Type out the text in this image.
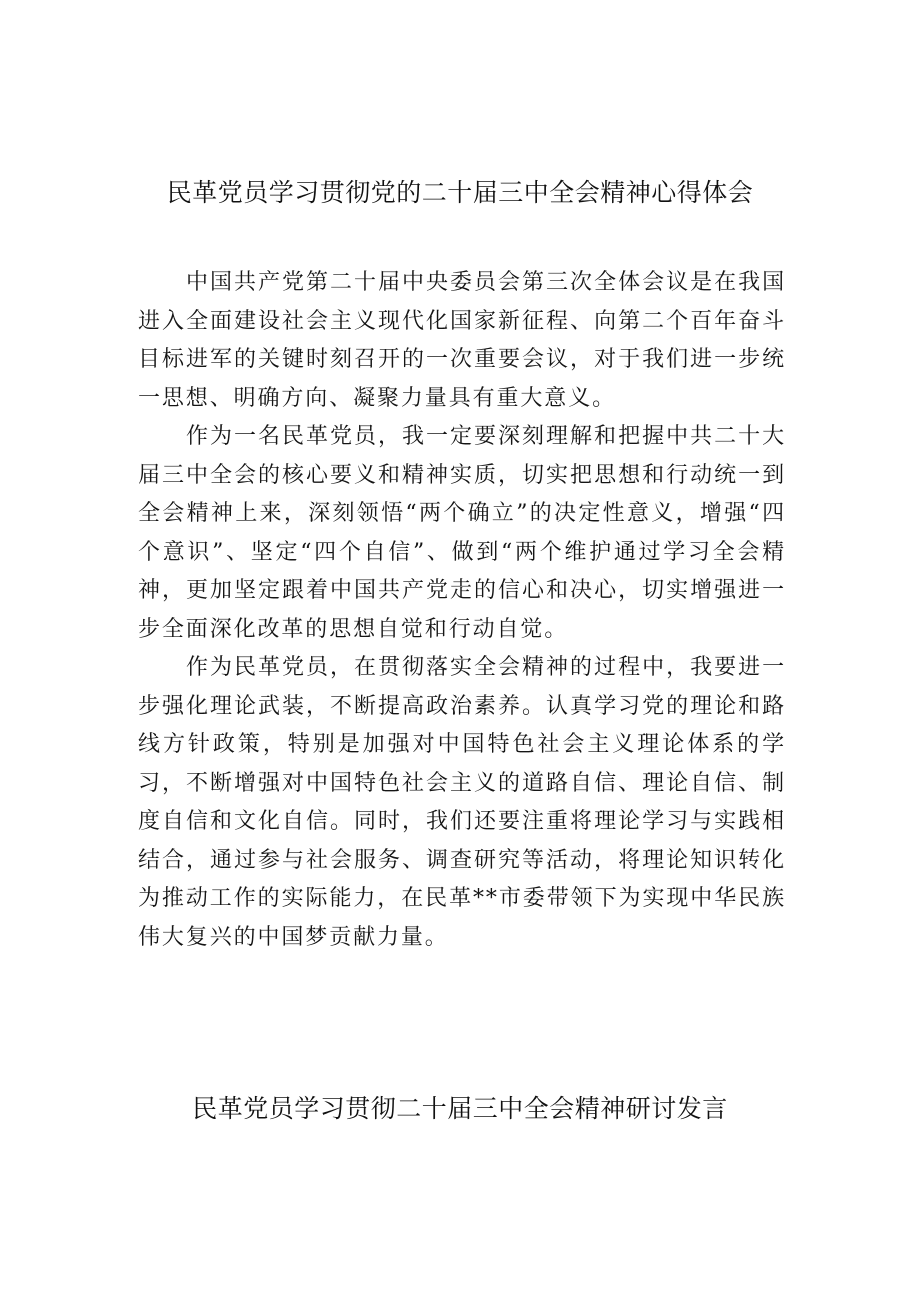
民革党员学习贯彻党的二十届三中全会精神心得体会

中国共产党第二十届中央委员会第三次全体会议是在我国进入全面建设社会主义现代化国家新征程、向第二个百年奋斗目标进军的关键时刻召开的一次重要会议，对于我们进一步统一思想、明确方向、凝聚力量具有重大意义。

作为一名民革党员，我一定要深刻理解和把握中共二十大届三中全会的核心要义和精神实质，切实把思想和行动统一到全会精神上来，深刻领悟“两个确立”的决定性意义，增强“四个意识”、坚定“四个自信”、做到“两个维护通过学习全会精神，更加坚定跟着中国共产党走的信心和决心，切实增强进一步全面深化改革的思想自觉和行动自觉。

作为民革党员，在贯彻落实全会精神的过程中，我要进一步强化理论武装，不断提高政治素养。认真学习党的理论和路线方针政策，特别是加强对中国特色社会主义理论体系的学习，不断增强对中国特色社会主义的道路自信、理论自信、制度自信和文化自信。同时，我们还要注重将理论学习与实践相结合，通过参与社会服务、调查研究等活动，将理论知识转化为推动工作的实际能力，在民革**市委带领下为实现中华民族伟大复兴的中国梦贡献力量。

民革党员学习贯彻二十届三中全会精神研讨发言
